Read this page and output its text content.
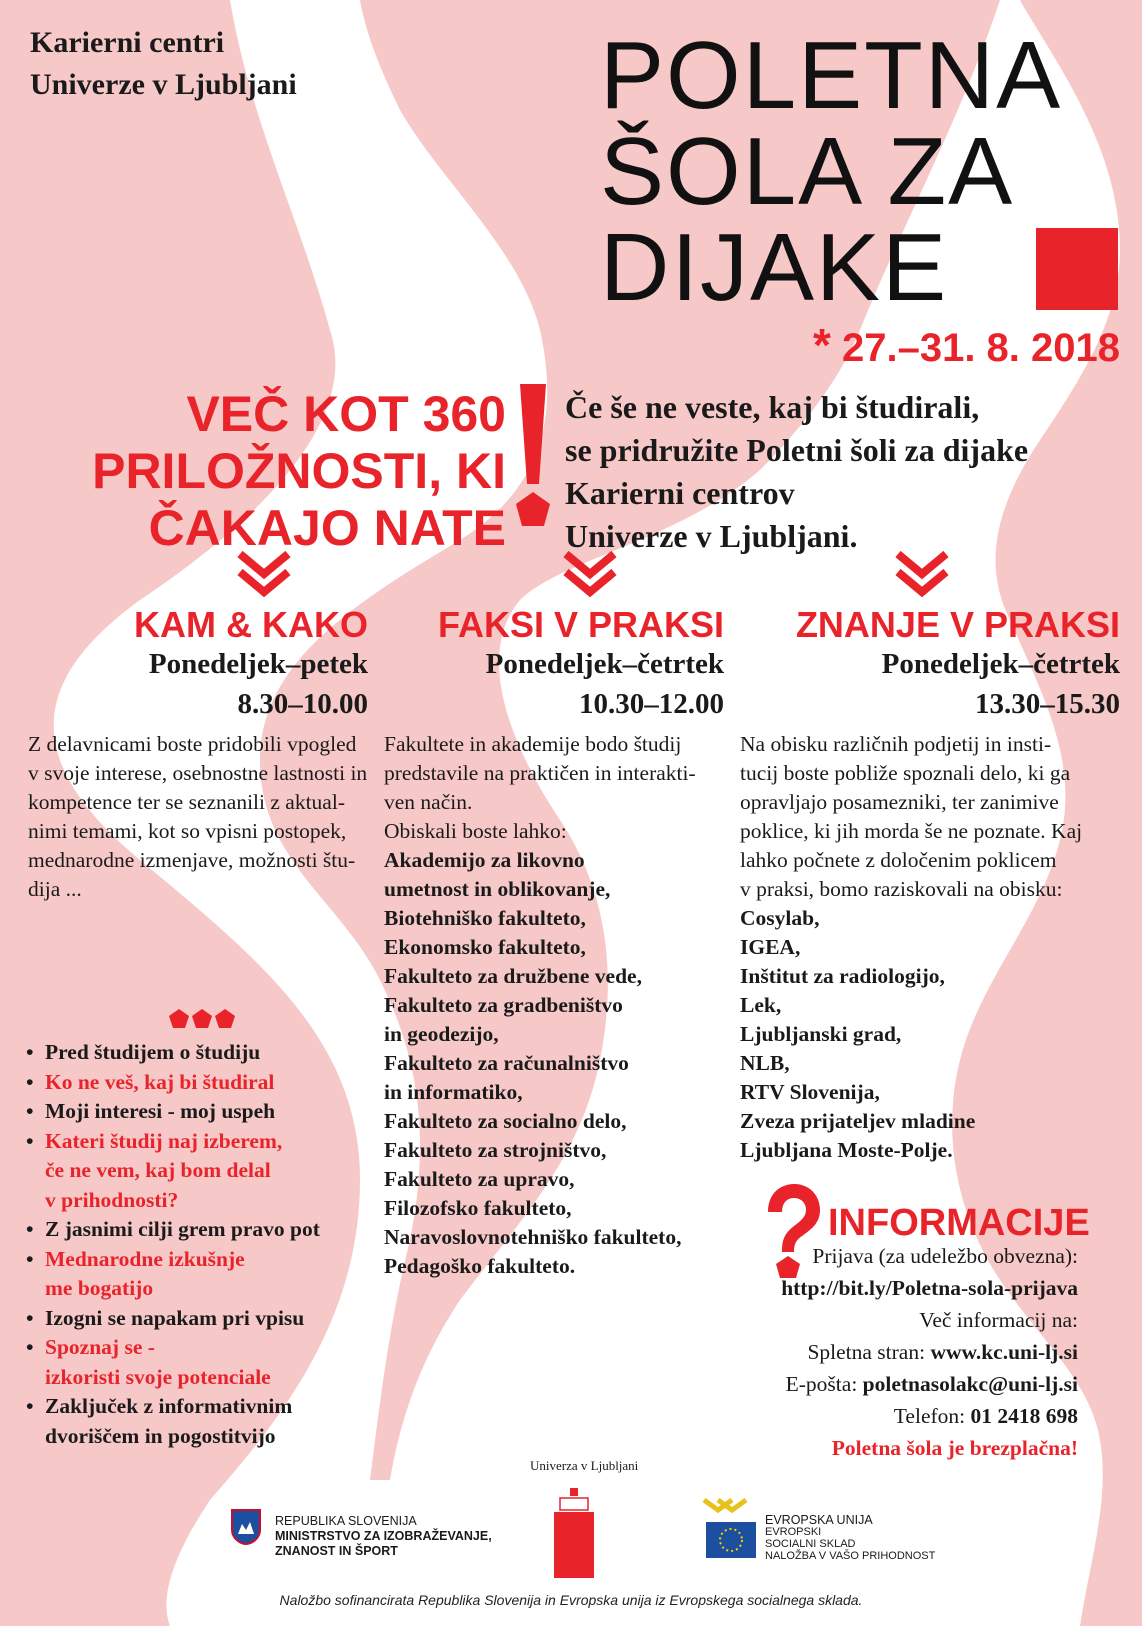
Karierni centri
Univerze v Ljubljani	POLETNA
ŠOLA ZA
DIJAKE
* 27.–31. 8. 2018
VEČ KOT 360
PRILOŽNOSTI, KI
ČAKAJO NATE
Če še ne veste, kaj bi študirali,
se pridružite Poletni šoli za dijake
Karierni centrov
Univerze v Ljubljani.
KAM & KAKO
Ponedeljek–petek
8.30–10.00
Z delavnicami boste pridobili vpogled
v svoje interese, osebnostne lastnosti in
kompetence ter se seznanili z aktual-
nimi temami, kot so vpisni postopek,
mednarodne izmenjave, možnosti štu-
dija ...
FAKSI V PRAKSI
Ponedeljek–četrtek
10.30–12.00
Fakultete in akademije bodo študij
predstavile na praktičen in interakti-
ven način.
Obiskali boste lahko:
Akademijo za likovno
umetnost in oblikovanje,
Biotehniško fakulteto,
Ekonomsko fakulteto,
Fakulteto za družbene vede,
Fakulteto za gradbeništvo
in geodezijo,
Fakulteto za računalništvo
in informatiko,
Fakulteto za socialno delo,
Fakulteto za strojništvo,
Fakulteto za upravo,
Filozofsko fakulteto,
Naravoslovnotehniško fakulteto,
Pedagoško fakulteto.
ZNANJE V PRAKSI
Ponedeljek–četrtek
13.30–15.30
Na obisku različnih podjetij in insti-
tucij boste pobliže spoznali delo, ki ga
opravljajo posamezniki, ter zanimive
poklice, ki jih morda še ne poznate. Kaj
lahko počnete z določenim poklicem
v praksi, bomo raziskovali na obisku:
Cosylab,
IGEA,
Inštitut za radiologijo,
Lek,
Ljubljanski grad,
NLB,
RTV Slovenija,
Zveza prijateljev mladine
Ljubljana Moste-Polje.
• Pred študijem o študiju
• Ko ne veš, kaj bi študiral
• Moji interesi - moj uspeh
• Kateri študij naj izberem,
če ne vem, kaj bom delal
v prihodnosti?
• Z jasnimi cilji grem pravo pot
• Mednarodne izkušnje
me bogatijo
• Izogni se napakam pri vpisu
• Spoznaj se -
izkoristi svoje potenciale
• Zaključek z informativnim
dvoriščem in pogostitvijo
INFORMACIJE
Prijava (za udeležbo obvezna):
http://bit.ly/Poletna-sola-prijava
Več informacij na:
Spletna stran: www.kc.uni-lj.si
E-pošta: poletnasolakc@uni-lj.si
Telefon: 01 2418 698
Poletna šola je brezplačna!
Univerza v Ljubljani
REPUBLIKA SLOVENIJA
MINISTRSTVO ZA IZOBRAŽEVANJE,
ZNANOST IN ŠPORT
EVROPSKA UNIJA
EVROPSKI
SOCIALNI SKLAD
NALOŽBA V VAŠO PRIHODNOST
Naložbo sofinancirata Republika Slovenija in Evropska unija iz Evropskega socialnega sklada.
